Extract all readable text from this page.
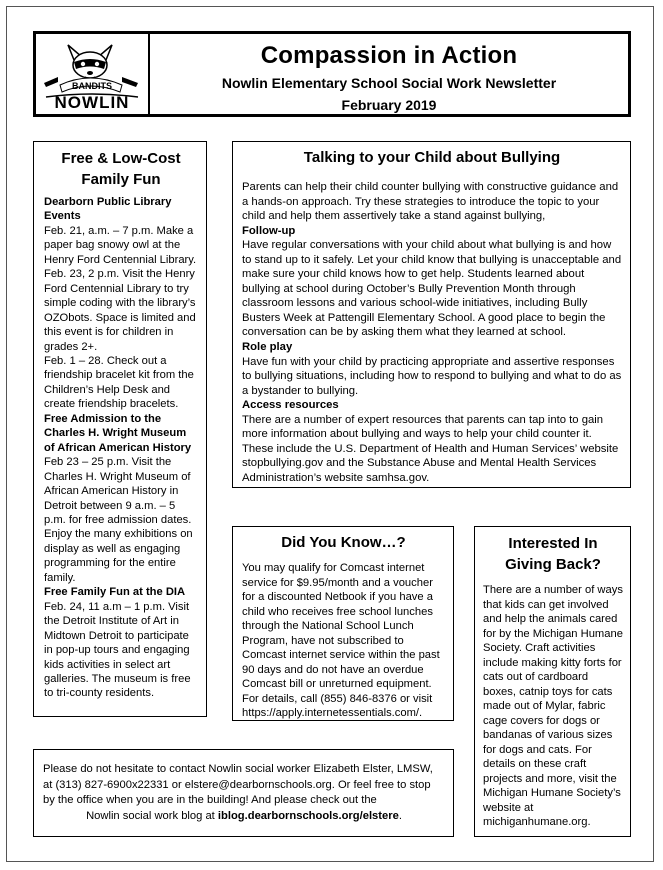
BANDITS
NOWLIN
Compassion in Action
Nowlin Elementary School Social Work Newsletter
February 2019
Free & Low-Cost
Family Fun
Dearborn Public Library Events
Feb. 21, a.m. – 7 p.m. Make a paper bag snowy owl at the Henry Ford Centennial Library.
Feb. 23, 2 p.m. Visit the Henry Ford Centennial Library to try simple coding with the library’s OZObots. Space is limited and this event is for children in grades 2+.
Feb. 1 – 28. Check out a friendship bracelet kit from the Children’s Help Desk and create friendship bracelets.
Free Admission to the Charles H. Wright Museum of African American History
Feb 23 – 25 p.m. Visit the Charles H. Wright Museum of African American History in Detroit between 9 a.m. – 5 p.m. for free admission dates. Enjoy the many exhibitions on display as well as engaging programming for the entire family.
Free Family Fun at the DIA
Feb. 24, 11 a.m – 1 p.m. Visit the Detroit Institute of Art in Midtown Detroit to participate in pop-up tours and engaging kids activities in select art galleries. The museum is free to tri-county residents.
Talking to your Child about Bullying
Parents can help their child counter bullying with constructive guidance and a hands-on approach. Try these strategies to introduce the topic to your child and help them assertively take a stand against bullying,
Follow-up
Have regular conversations with your child about what bullying is and how to stand up to it safely. Let your child know that bullying is unacceptable and make sure your child knows how to get help. Students learned about bullying at school during October’s Bully Prevention Month through classroom lessons and various school-wide initiatives, including Bully Busters Week at Pattengill Elementary School. A good place to begin the conversation can be by asking them what they learned at school.
Role play
Have fun with your child by practicing appropriate and assertive responses to bullying situations, including how to respond to bullying and what to do as a bystander to bullying.
Access resources
There are a number of expert resources that parents can tap into to gain more information about bullying and ways to help your child counter it. These include the U.S. Department of Health and Human Services’ website stopbullying.gov and the Substance Abuse and Mental Health Services Administration’s website samhsa.gov.
Did You Know…?
You may qualify for Comcast internet service for $9.95/month and a voucher for a discounted Netbook if you have a child who receives free school lunches through the National School Lunch Program, have not subscribed to Comcast internet service within the past 90 days and do not have an overdue Comcast bill or unreturned equipment. For details, call (855) 846-8376 or visit https://apply.internetessentials.com/.
Interested In
Giving Back?
There are a number of ways that kids can get involved and help the animals cared for by the Michigan Humane Society. Craft activities include making kitty forts for cats out of cardboard boxes, catnip toys for cats made out of Mylar, fabric cage covers for dogs or bandanas of various sizes for dogs and cats. For details on these craft projects and more, visit the Michigan Humane Society’s website at michiganhumane.org.
Please do not hesitate to contact Nowlin social worker Elizabeth Elster, LMSW, at (313) 827-6900x22331 or elstere@dearbornschools.org. Or feel free to stop by the office when you are in the building! And please check out the
Nowlin social work blog at iblog.dearbornschools.org/elstere.
